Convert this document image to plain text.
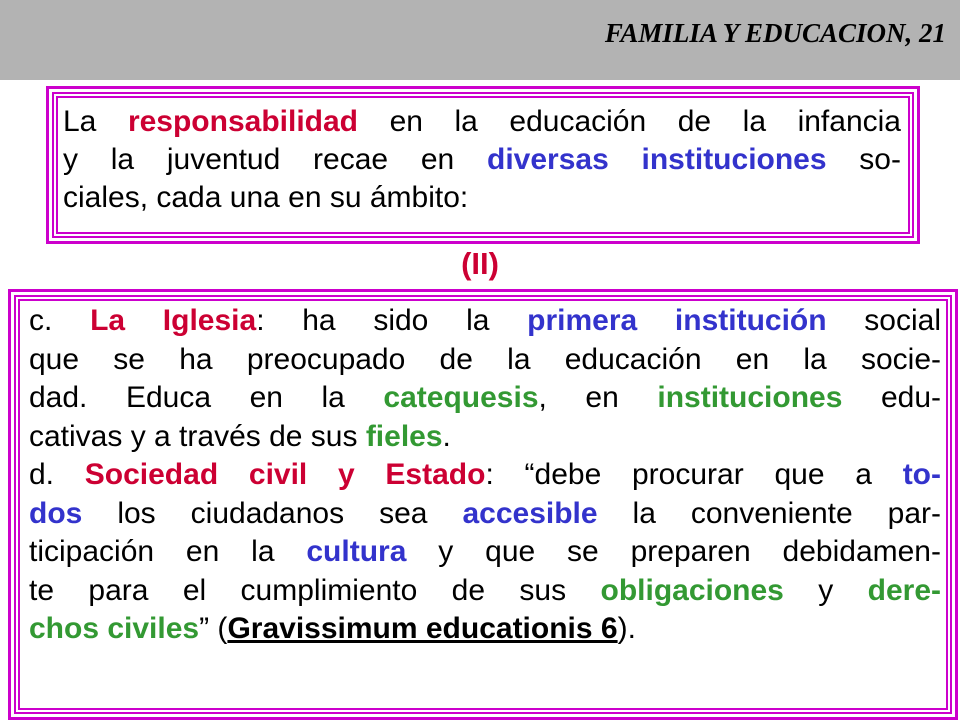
FAMILIA Y EDUCACION, 21
La responsabilidad en la educación de la infancia
y la juventud recae en diversas instituciones so-
ciales, cada una en su ámbito:
(II)
c. La Iglesia: ha sido la primera institución social
que se ha preocupado de la educación en la socie-
dad. Educa en la catequesis, en instituciones edu-
cativas y a través de sus fieles.
d. Sociedad civil y Estado: “debe procurar que a to-
dos los ciudadanos sea accesible la conveniente par-
ticipación en la cultura y que se preparen debidamen-
te para el cumplimiento de sus obligaciones y dere-
chos civiles” (Gravissimum educationis 6).
